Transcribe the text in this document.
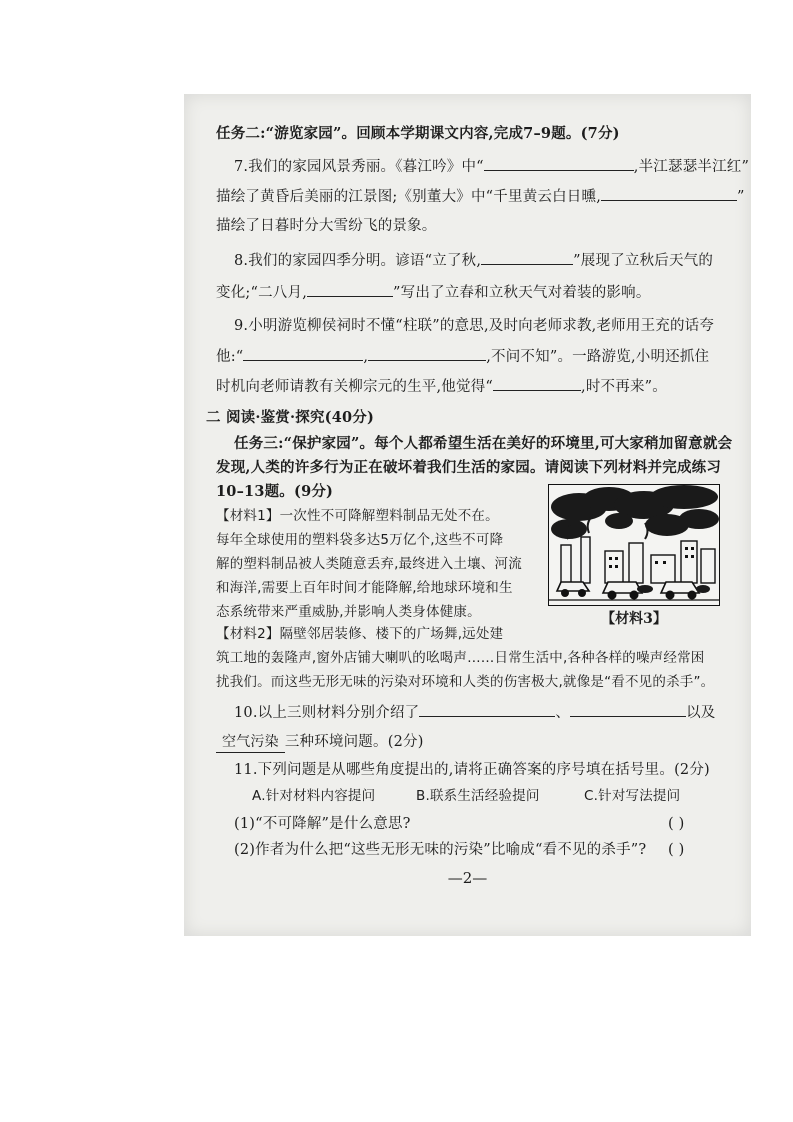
任务二:“游览家园”。回顾本学期课文内容,完成7–9题。(7分)
7.我们的家园风景秀丽。《暮江吟》中“	,半江瑟瑟半江红”
描绘了黄昏后美丽的江景图;《别董大》中“千里黄云白日曛,	”
描绘了日暮时分大雪纷飞的景象。
8.我们的家园四季分明。谚语“立了秋,	”展现了立秋后天气的
变化;“二八月,	”写出了立春和立秋天气对着装的影响。
9.小明游览柳侯祠时不懂“柱联”的意思,及时向老师求教,老师用王充的话夸
他:“	,	,不问不知”。一路游览,小明还抓住
时机向老师请教有关柳宗元的生平,他觉得“	,时不再来”。
二 阅读·鉴赏·探究(40分)
任务三:“保护家园”。每个人都希望生活在美好的环境里,可大家稍加留意就会
发现,人类的许多行为正在破坏着我们生活的家园。请阅读下列材料并完成练习
10–13题。(9分)
【材料1】一次性不可降解塑料制品无处不在。
每年全球使用的塑料袋多达5万亿个,这些不可降
解的塑料制品被人类随意丢弃,最终进入土壤、河流
和海洋,需要上百年时间才能降解,给地球环境和生
态系统带来严重威胁,并影响人类身体健康。	【材料3】
【材料2】隔壁邻居装修、楼下的广场舞,远处建
筑工地的轰隆声,窗外店铺大喇叭的吆喝声……日常生活中,各种各样的噪声经常困
扰我们。而这些无形无味的污染对环境和人类的伤害极大,就像是“看不见的杀手”。
10.以上三则材料分别介绍了	、	以及
空气污染 三种环境问题。(2分)
11.下列问题是从哪些角度提出的,请将正确答案的序号填在括号里。(2分)
A.针对材料内容提问	B.联系生活经验提问	C.针对写法提问
(1)“不可降解”是什么意思?	( )
(2)作者为什么把“这些无形无味的污染”比喻成“看不见的杀手”? ( )
—2—
